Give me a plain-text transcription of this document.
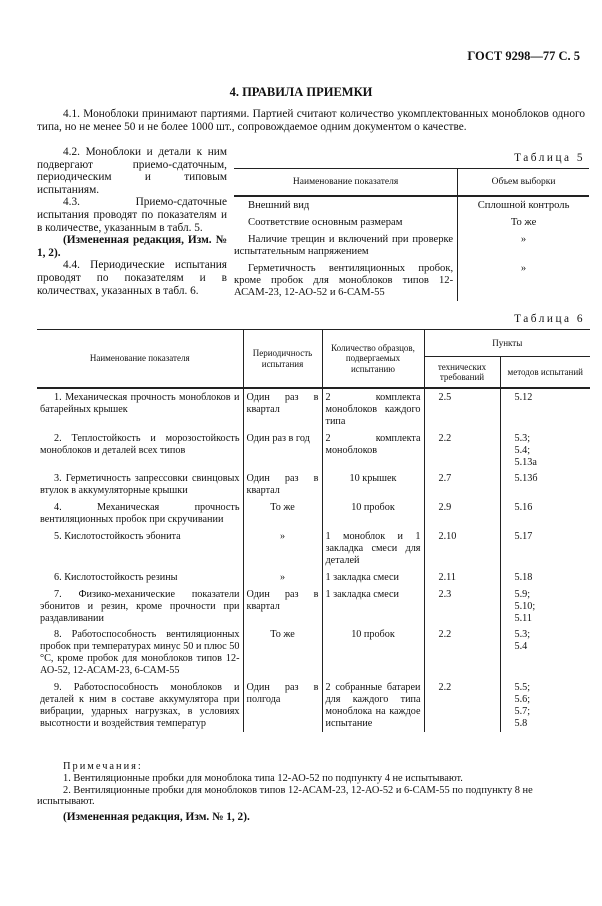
ГОСТ 9298—77 С. 5
4. ПРАВИЛА ПРИЕМКИ
4.1. Моноблоки принимают партиями. Партией считают количество укомплектованных моноблоков одного типа, но не менее 50 и не более 1000 шт., сопровождаемое одним документом о качестве.

4.2. Моноблоки и детали к ним подвергают приемо-сдаточным, периодическим и типовым испытаниям.

4.3. Приемо-сдаточные испытания проводят по показателям и в количестве, указанным в табл. 5.

(Измененная редакция, Изм. № 1, 2).

4.4. Периодические испытания проводят по показателям и в количествах, указанных в табл. 6.

Таблица 5
Наименование показателя	Объем выборки
Внешний вид	Сплошной контроль
Соответствие основным размерам	То же
Наличие трещин и включений при проверке испытательным напряжением	»
Герметичность вентиляционных пробок, кроме пробок для моноблоков типов 12-АСАМ-23, 12-АО-52 и 6-САМ-55	»
Таблица 6
Наименование показателя	Периодичность испытания	Количество образцов, подвергаемых испытанию	Пункты	
			технических требований	методов испытаний

1. Механическая прочность моноблоков и батарейных крышек	Один раз в квартал	2 комплекта моноблоков каждого типа	2.5	5.12

2. Теплостойкость и морозостойкость моноблоков и деталей всех типов	Один раз в год	2 комплекта моноблоков	2.2	5.3;
5.4;
5.13а

3. Герметичность запрессовки свинцовых втулок в аккумуляторные крышки	Один раз в квартал	10 крышек	2.7	5.13б

4. Механическая прочность вентиляционных пробок при скручивании	То же	10 пробок	2.9	5.16

5. Кислотостойкость эбонита	»	1 моноблок и 1 закладка смеси для деталей	2.10	5.17

6. Кислотостойкость резины	»	1 закладка смеси	2.11	5.18

7. Физико-механические показатели эбонитов и резин, кроме прочности при раздавливании	Один раз в квартал	1 закладка смеси	2.3	5.9;
5.10;
5.11

8. Работоспособность вентиляционных пробок при температурах минус 50 и плюс 50 °С, кроме пробок для моноблоков типов 12-АО-52, 12-АСАМ-23, 6-САМ-55	То же	10 пробок	2.2	5.3;
5.4

9. Работоспособность моноблоков и деталей к ним в составе аккумулятора при вибрации, ударных нагрузках, в условиях высотности и воздействия температур	Один раз в полгода	2 собранные батареи для каждого типа моноблока на каждое испытание	2.2	5.5;
5.6;
5.7;
5.8

Примечания:

1. Вентиляционные пробки для моноблока типа 12-АО-52 по подпункту 4 не испытывают.

2. Вентиляционные пробки для моноблоков типов 12-АСАМ-23, 12-АО-52 и 6-САМ-55 по подпункту 8 не испытывают.

(Измененная редакция, Изм. № 1, 2).
